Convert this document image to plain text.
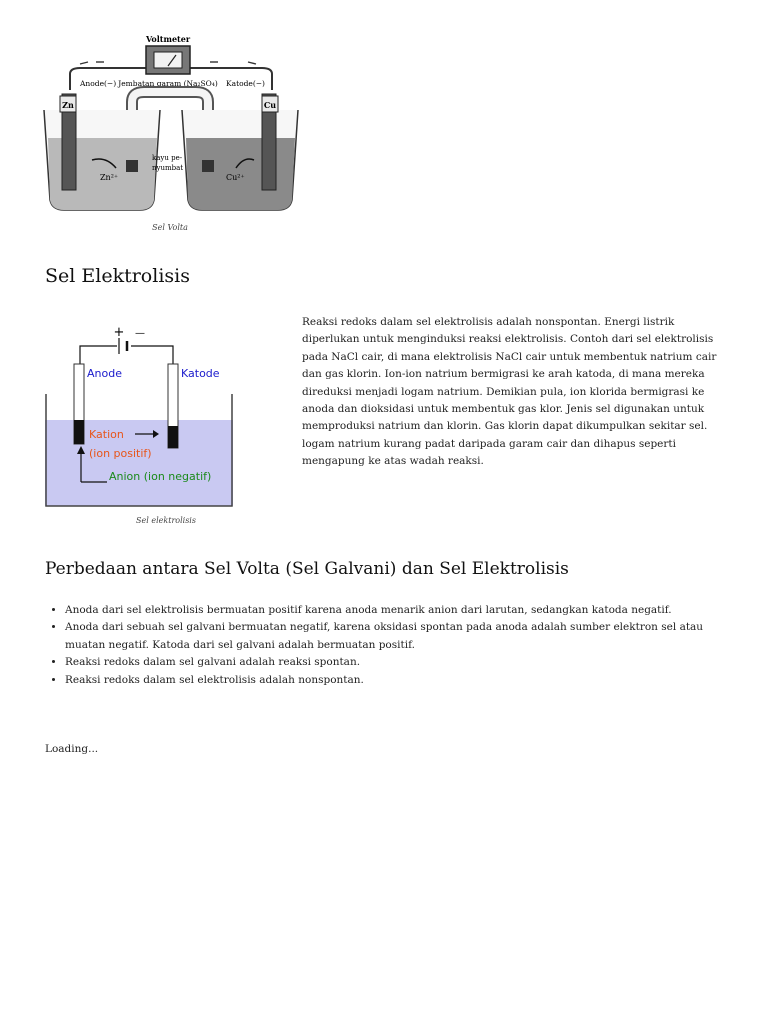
Voltmeter
Jembatan garam (Na₂SO₄)
Anode(−)	Katode(−)
Zn	Cu
kayu pe-
nyumbat
Zn²⁺	Cu²⁺
Sel Volta
Sel Elektrolisis
+ —
Anode	Katode
Kation
(ion positif)
Anion (ion negatif)
Sel elektrolisis

Reaksi redoks dalam sel elektrolisis adalah nonspontan. Energi listrik diperlukan untuk menginduksi reaksi elektrolisis. Contoh dari sel elektrolisis pada NaCl cair, di mana elektrolisis NaCl cair untuk membentuk natrium cair dan gas klorin. Ion-ion natrium bermigrasi ke arah katoda, di mana mereka direduksi menjadi logam natrium. Demikian pula, ion klorida bermigrasi ke anoda dan dioksidasi untuk membentuk gas klor. Jenis sel digunakan untuk memproduksi natrium dan klorin. Gas klorin dapat dikumpulkan sekitar sel. logam natrium kurang padat daripada garam cair dan dihapus seperti mengapung ke atas wadah reaksi.

Perbedaan antara Sel Volta (Sel Galvani) dan Sel Elektrolisis
• Anoda dari sel elektrolisis bermuatan positif karena anoda menarik anion dari larutan, sedangkan katoda negatif.
• Anoda dari sebuah sel galvani bermuatan negatif, karena oksidasi spontan pada anoda adalah sumber elektron sel atau muatan negatif. Katoda dari sel galvani adalah bermuatan positif.
• Reaksi redoks dalam sel galvani adalah reaksi spontan.
• Reaksi redoks dalam sel elektrolisis adalah nonspontan.
Loading...
